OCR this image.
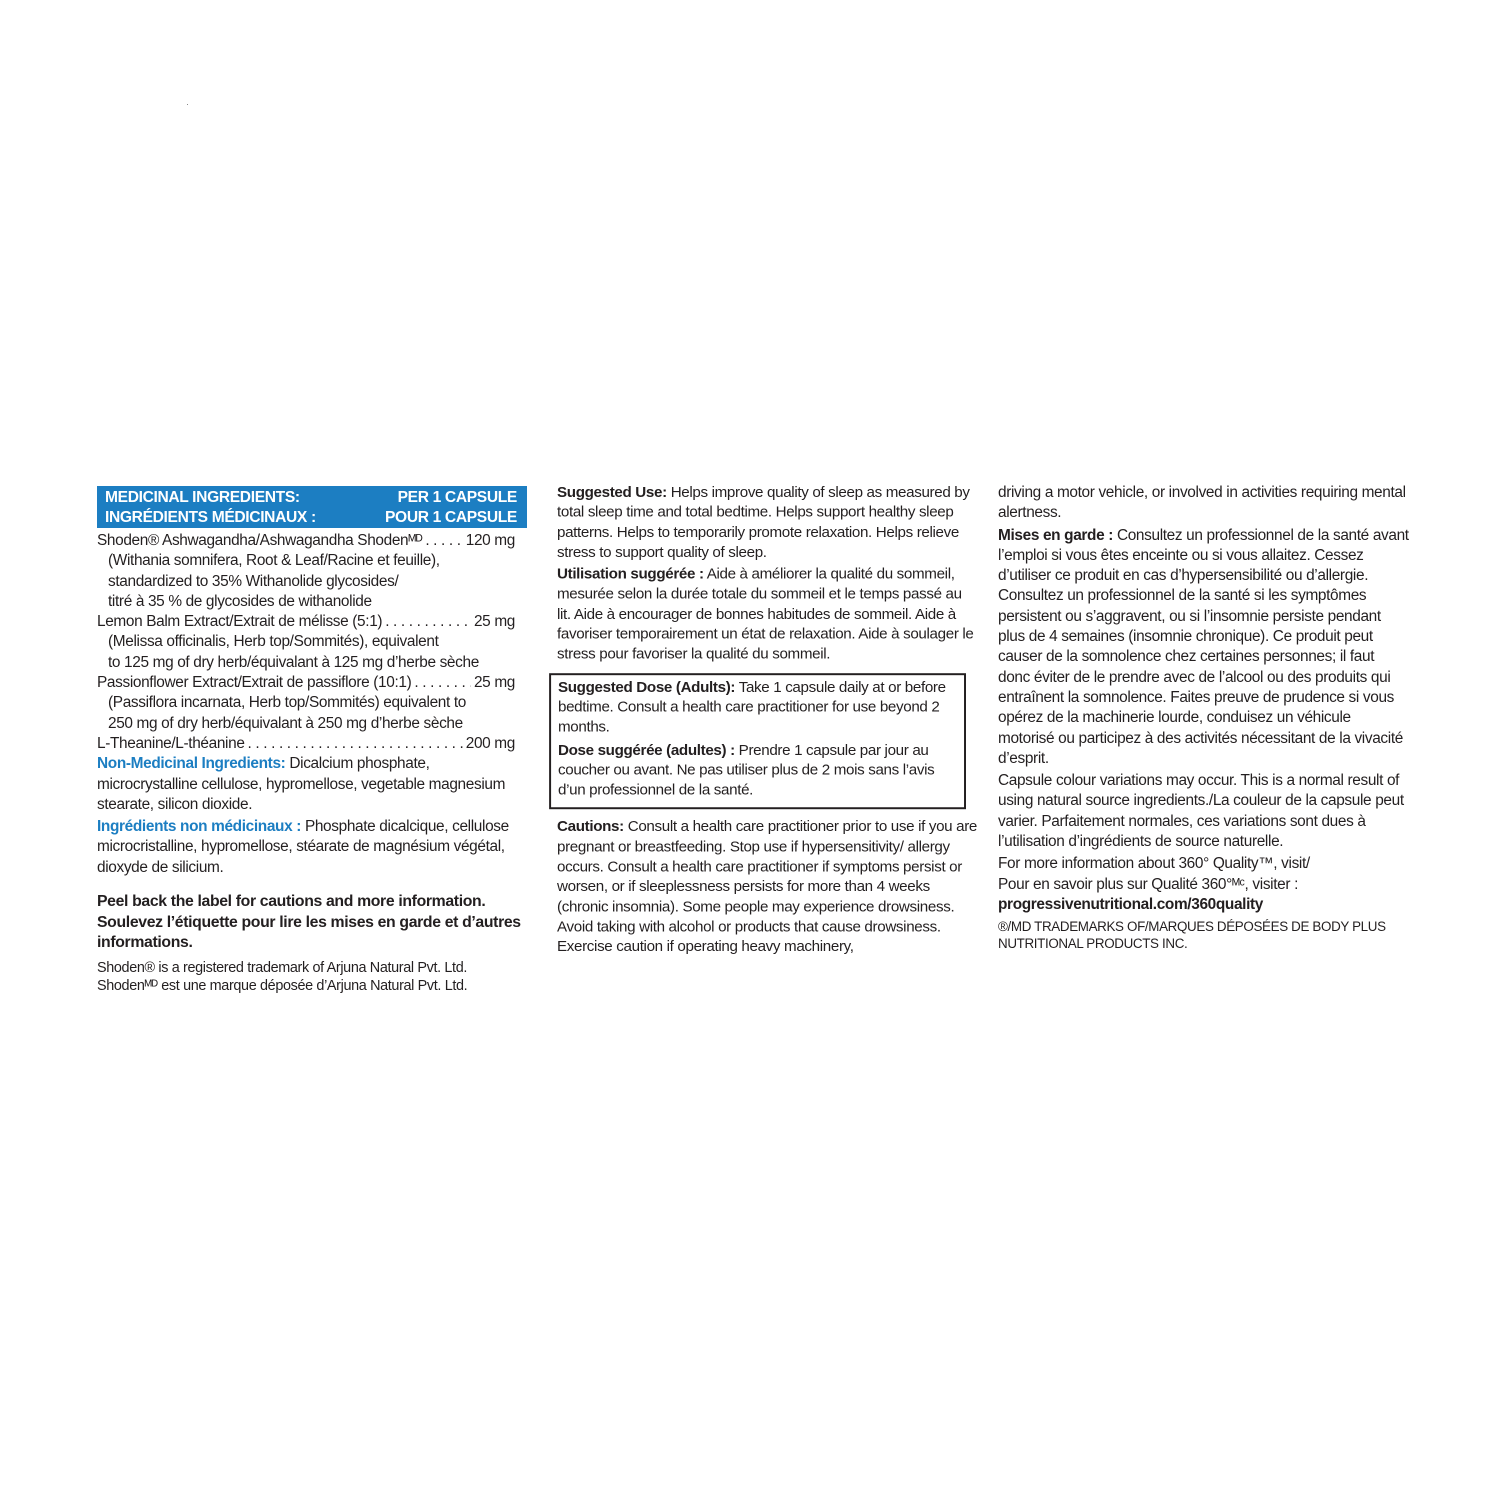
MEDICINAL INGREDIENTS:	PER 1 CAPSULE
INGRÉDIENTS MÉDICINAUX :	POUR 1 CAPSULE
Shoden® Ashwagandha/Ashwagandha Shodenᴹᴰ . . .	120 mg
(Withania somnifera, Root & Leaf/Racine et feuille),
standardized to 35% Withanolide glycosides/
titré à 35 % de glycosides de withanolide
Lemon Balm Extract/Extrait de mélisse (5:1) . . .	25 mg
(Melissa officinalis, Herb top/Sommités), equivalent
to 125 mg of dry herb/équivalant à 125 mg d’herbe sèche
Passionflower Extract/Extrait de passiflore (10:1) . . .	25 mg
(Passiflora incarnata, Herb top/Sommités) equivalent to
250 mg of dry herb/équivalant à 250 mg d’herbe sèche
L-Theanine/L-théanine . . .	200 mg
Non-Medicinal Ingredients: Dicalcium phosphate, microcrystalline cellulose, hypromellose, vegetable magnesium stearate, silicon dioxide.
Ingrédients non médicinaux : Phosphate dicalcique, cellulose microcristalline, hypromellose, stéarate de magnésium végétal, dioxyde de silicium.
Peel back the label for cautions and more information. Soulevez l’étiquette pour lire les mises en garde et d’autres informations.
Shoden® is a registered trademark of Arjuna Natural Pvt. Ltd.
Shodenᴹᴰ est une marque déposée d’Arjuna Natural Pvt. Ltd.
Suggested Use: Helps improve quality of sleep as measured by total sleep time and total bedtime. Helps support healthy sleep patterns. Helps to temporarily promote relaxation. Helps relieve stress to support quality of sleep.
Utilisation suggérée : Aide à améliorer la qualité du sommeil, mesurée selon la durée totale du sommeil et le temps passé au lit. Aide à encourager de bonnes habitudes de sommeil. Aide à favoriser temporairement un état de relaxation. Aide à soulager le stress pour favoriser la qualité du sommeil.
Suggested Dose (Adults): Take 1 capsule daily at or before bedtime. Consult a health care practitioner for use beyond 2 months.
Dose suggérée (adultes) : Prendre 1 capsule par jour au coucher ou avant. Ne pas utiliser plus de 2 mois sans l’avis d’un professionnel de la santé.
Cautions: Consult a health care practitioner prior to use if you are pregnant or breastfeeding. Stop use if hypersensitivity/ allergy occurs. Consult a health care practitioner if symptoms persist or worsen, or if sleeplessness persists for more than 4 weeks (chronic insomnia). Some people may experience drowsiness. Avoid taking with alcohol or products that cause drowsiness. Exercise caution if operating heavy machinery,
driving a motor vehicle, or involved in activities requiring mental alertness.
Mises en garde : Consultez un professionnel de la santé avant l’emploi si vous êtes enceinte ou si vous allaitez. Cessez d’utiliser ce produit en cas d’hypersensibilité ou d’allergie. Consultez un professionnel de la santé si les symptômes persistent ou s’aggravent, ou si l’insomnie persiste pendant plus de 4 semaines (insomnie chronique). Ce produit peut causer de la somnolence chez certaines personnes; il faut donc éviter de le prendre avec de l’alcool ou des produits qui entraînent la somnolence. Faites preuve de prudence si vous opérez de la machinerie lourde, conduisez un véhicule motorisé ou participez à des activités nécessitant de la vivacité d’esprit.
Capsule colour variations may occur. This is a normal result of using natural source ingredients./La couleur de la capsule peut varier. Parfaitement normales, ces variations sont dues à l’utilisation d’ingrédients de source naturelle.
For more information about 360° Quality™, visit/
Pour en savoir plus sur Qualité 360°ᴹᶜ, visiter :
progressivenutritional.com/360quality
®/MD TRADEMARKS OF/MARQUES DÉPOSÉES DE BODY PLUS NUTRITIONAL PRODUCTS INC.
